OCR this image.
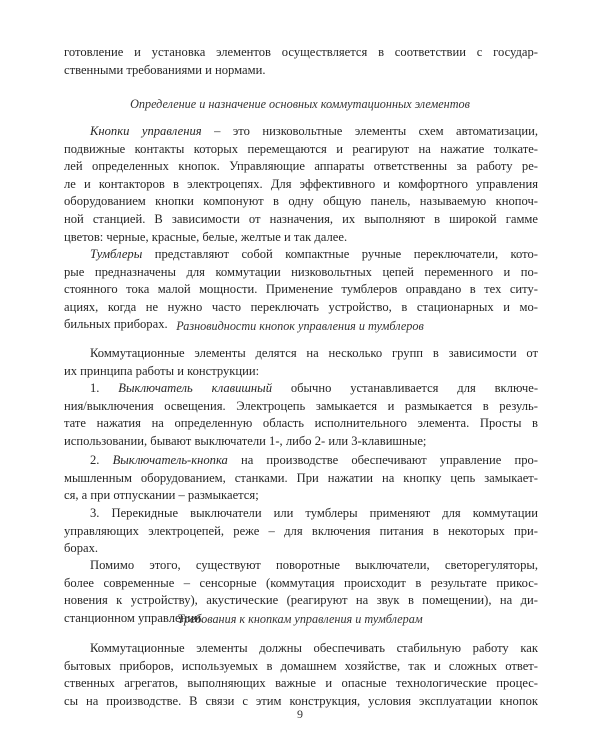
готовление и установка элементов осуществляется в соответствии с государ-
ственными требованиями и нормами.
Определение и назначение основных коммутационных элементов
Кнопки управления – это низковольтные элементы схем автоматизации,
подвижные контакты которых перемещаются и реагируют на нажатие толкате-
лей определенных кнопок. Управляющие аппараты ответственны за работу ре-
ле и контакторов в электроцепях. Для эффективного и комфортного управления
оборудованием кнопки компонуют в одну общую панель, называемую кнопоч-
ной станцией. В зависимости от назначения, их выполняют в широкой гамме
цветов: черные, красные, белые, желтые и так далее.
Тумблеры представляют собой компактные ручные переключатели, кото-
рые предназначены для коммутации низковольтных цепей переменного и по-
стоянного тока малой мощности. Применение тумблеров оправдано в тех ситу-
ациях, когда не нужно часто переключать устройство, в стационарных и мо-
бильных приборах. Разновидности кнопок управления и тумблеров
Коммутационные элементы делятся на несколько групп в зависимости от
их принципа работы и конструкции:
1. Выключатель клавишный обычно устанавливается для включе-
ния/выключения освещения. Электроцепь замыкается и размыкается в резуль-
тате нажатия на определенную область исполнительного элемента. Просты в
использовании, бывают выключатели 1-, либо 2- или 3-клавишные;
2. Выключатель-кнопка на производстве обеспечивают управление про-
мышленным оборудованием, станками. При нажатии на кнопку цепь замыкает-
ся, а при отпускании – размыкается;
3. Перекидные выключатели или тумблеры применяют для коммутации
управляющих электроцепей, реже – для включения питания в некоторых при-
борах.
Помимо этого, существуют поворотные выключатели, светорегуляторы,
более современные – сенсорные (коммутация происходит в результате прикос-
новения к устройству), акустические (реагируют на звук в помещении), на ди-
станционном управлении.
Требования к кнопкам управления и тумблерам
Коммутационные элементы должны обеспечивать стабильную работу как
бытовых приборов, используемых в домашнем хозяйстве, так и сложных ответ-
ственных агрегатов, выполняющих важные и опасные технологические процес-
сы на производстве. В связи с этим конструкция, условия эксплуатации кнопок
9
